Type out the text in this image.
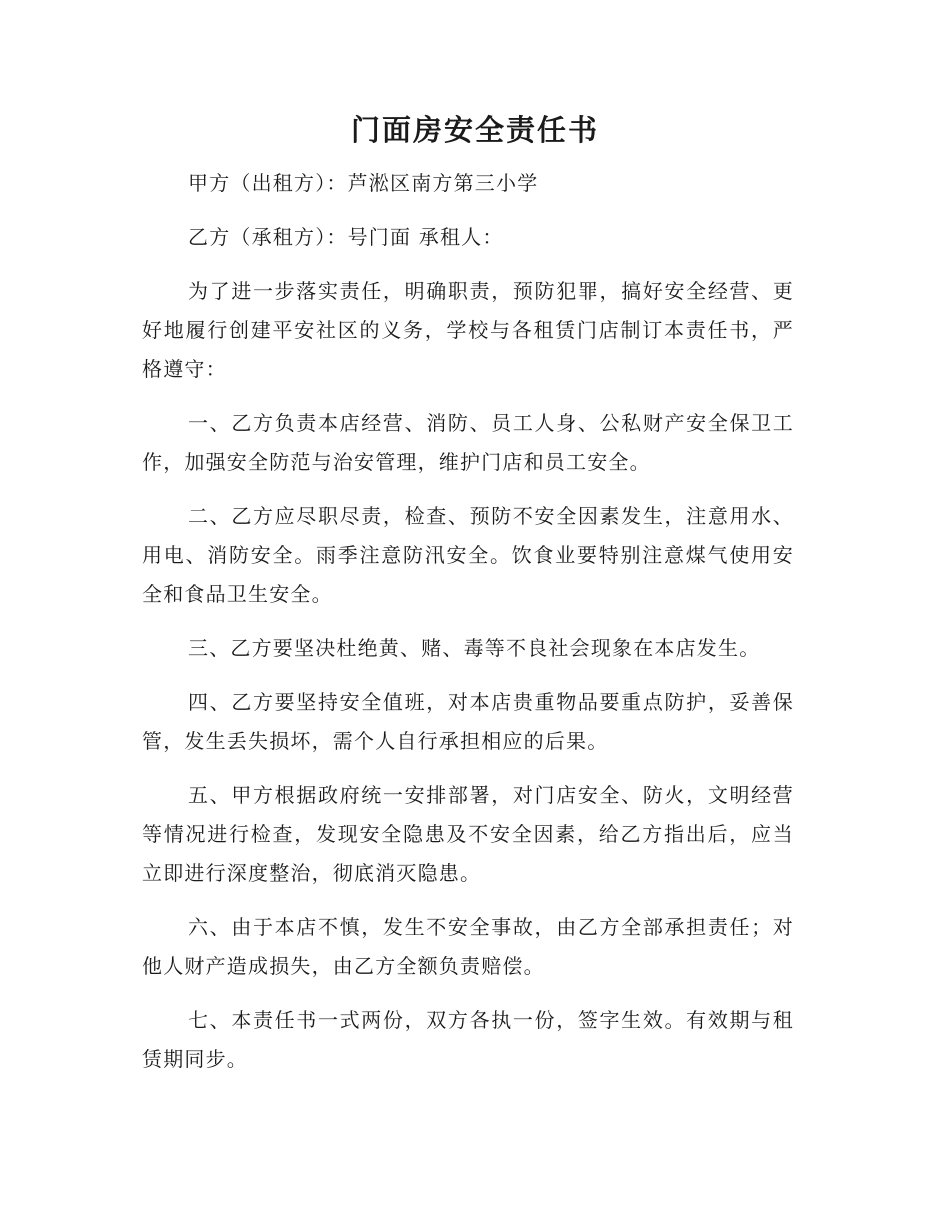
门面房安全责任书

甲方（出租方）：芦淞区南方第三小学

乙方（承租方）：号门面 承租人：

为了进一步落实责任，明确职责，预防犯罪，搞好安全经营、更好地履行创建平安社区的义务，学校与各租赁门店制订本责任书，严格遵守：

一、乙方负责本店经营、消防、员工人身、公私财产安全保卫工作，加强安全防范与治安管理，维护门店和员工安全。

二、乙方应尽职尽责，检查、预防不安全因素发生，注意用水、用电、消防安全。雨季注意防汛安全。饮食业要特别注意煤气使用安全和食品卫生安全。

三、乙方要坚决杜绝黄、赌、毒等不良社会现象在本店发生。

四、乙方要坚持安全值班，对本店贵重物品要重点防护，妥善保管，发生丢失损坏，需个人自行承担相应的后果。

五、甲方根据政府统一安排部署，对门店安全、防火，文明经营等情况进行检查，发现安全隐患及不安全因素，给乙方指出后，应当立即进行深度整治，彻底消灭隐患。

六、由于本店不慎，发生不安全事故，由乙方全部承担责任；对他人财产造成损失，由乙方全额负责赔偿。

七、本责任书一式两份，双方各执一份，签字生效。有效期与租赁期同步。
